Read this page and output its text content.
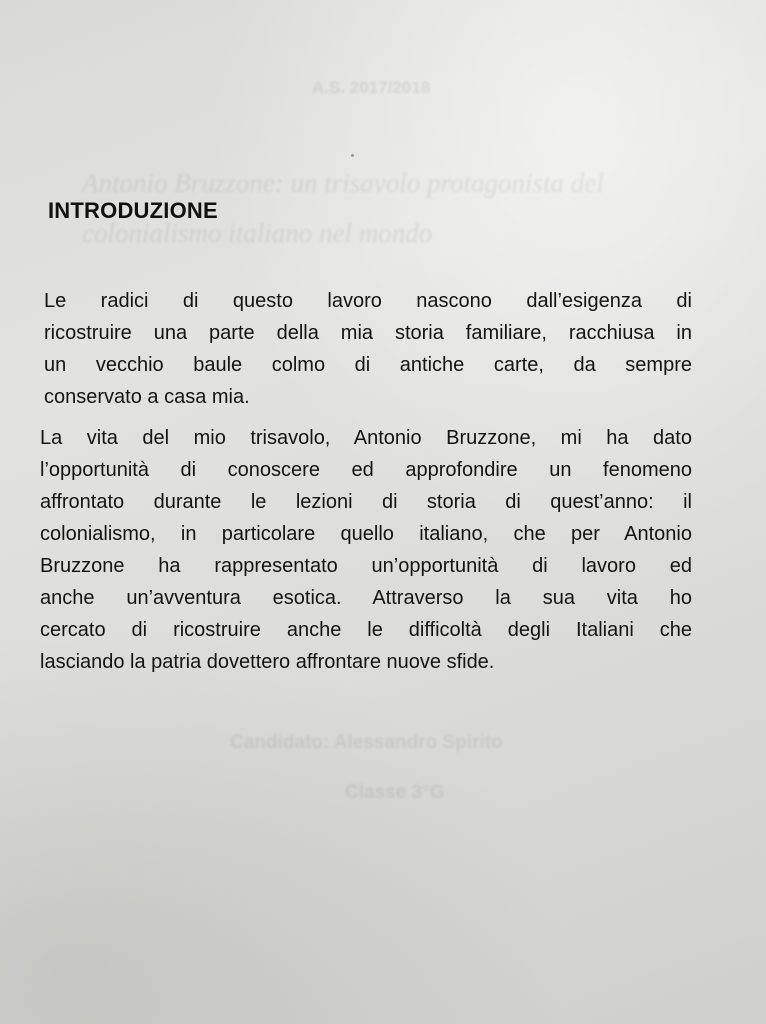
A.S. 2017/2018
Antonio Bruzzone: un trisavolo protagonista del
colonialismo italiano nel mondo
Candidato: Alessandro Spirito
Classe 3°G
INTRODUZIONE

Le radici di questo lavoro nascono dall’esigenza di
ricostruire una parte della mia storia familiare, racchiusa in
un vecchio baule colmo di antiche carte, da sempre
conservato a casa mia.

La vita del mio trisavolo, Antonio Bruzzone, mi ha dato
l’opportunità di conoscere ed approfondire un fenomeno
affrontato durante le lezioni di storia di quest’anno: il
colonialismo, in particolare quello italiano, che per Antonio
Bruzzone ha rappresentato un’opportunità di lavoro ed
anche un’avventura esotica. Attraverso la sua vita ho
cercato di ricostruire anche le difficoltà degli Italiani che
lasciando la patria dovettero affrontare nuove sfide.
